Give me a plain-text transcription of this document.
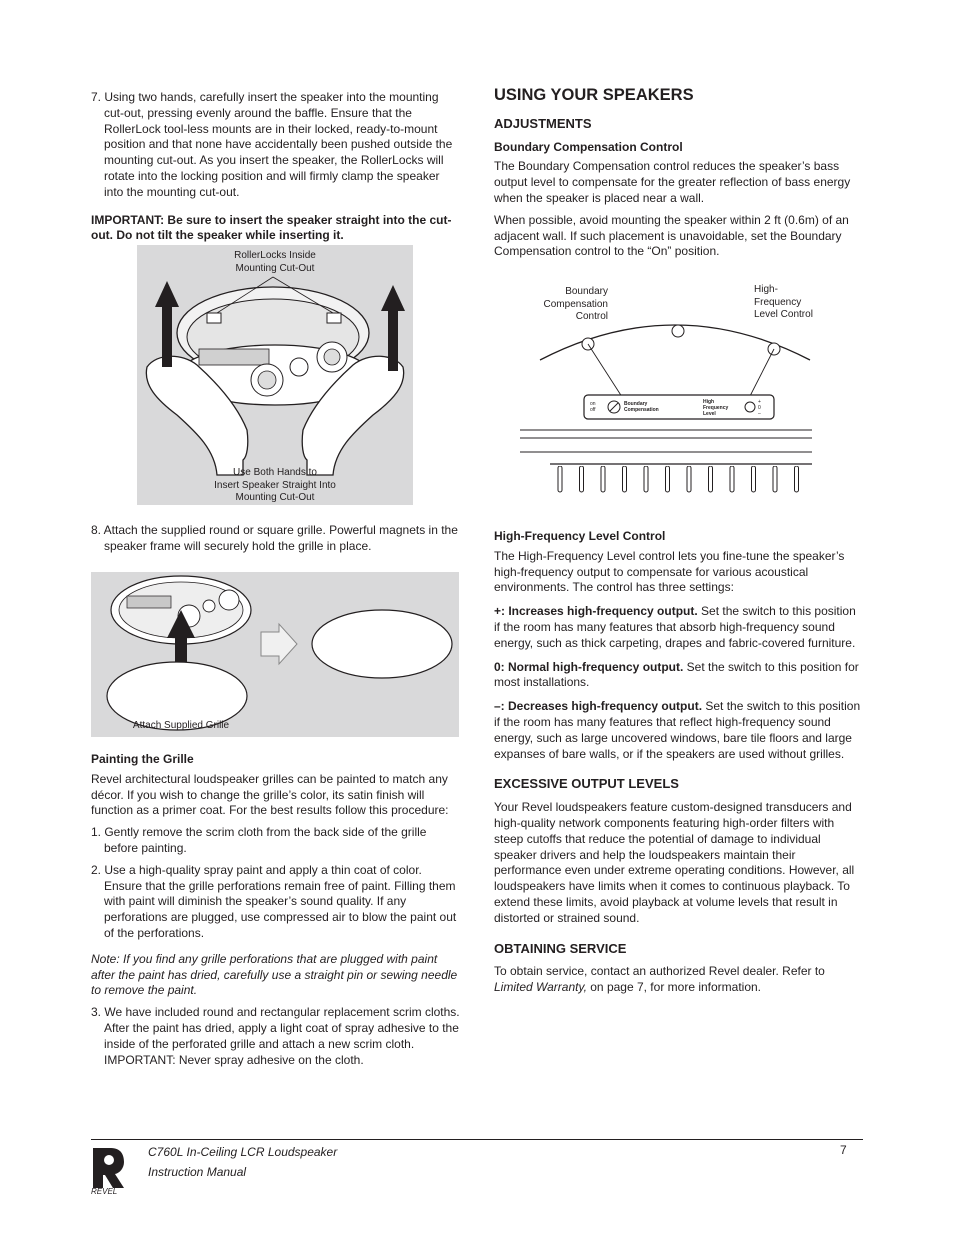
7. Using two hands, carefully insert the speaker into the mounting cut-out, pressing evenly around the baffle. Ensure that the RollerLock tool-less mounts are in their locked, ready-to-mount position and that none have accidentally been pushed outside the mounting cut-out. As you insert the speaker, the RollerLocks will rotate into the locking position and will firmly clamp the speaker into the mounting cut-out.

IMPORTANT: Be sure to insert the speaker straight into the cut-out. Do not tilt the speaker while inserting it.

RollerLocks Inside
Mounting Cut-Out
Use Both Hands to
Insert Speaker Straight Into
Mounting Cut-Out

8. Attach the supplied round or square grille. Powerful magnets in the speaker frame will securely hold the grille in place.

Attach Supplied Grille
Painting the Grille

Revel architectural loudspeaker grilles can be painted to match any décor. If you wish to change the grille’s color, its satin finish will function as a primer coat. For the best results follow this procedure:

1. Gently remove the scrim cloth from the back side of the grille before painting.

2. Use a high-quality spray paint and apply a thin coat of color. Ensure that the grille perforations remain free of paint. Filling them with paint will diminish the speaker’s sound quality. If any perforations are plugged, use compressed air to blow the paint out of the perforations.

Note: If you find any grille perforations that are plugged with paint after the paint has dried, carefully use a straight pin or sewing needle to remove the paint.

3. We have included round and rectangular replacement scrim cloths. After the paint has dried, apply a light coat of spray adhesive to the inside of the perforated grille and attach a new scrim cloth. IMPORTANT: Never spray adhesive on the cloth.

USING YOUR SPEAKERS
ADJUSTMENTS
Boundary Compensation Control

The Boundary Compensation control reduces the speaker’s bass output level to compensate for the greater reflection of bass energy when the speaker is placed near a wall.

When possible, avoid mounting the speaker within 2 ft (0.6m) of an adjacent wall. If such placement is unavoidable, set the Boundary Compensation control to the “On” position.

Boundary
Compensation
Control
High-
Frequency
Level Control
on
off
Boundary
Compensation
High
Frequency
Level
+
0
–
High-Frequency Level Control

The High-Frequency Level control lets you fine-tune the speaker’s high-frequency output to compensate for various acoustical environments. The control has three settings:

+: Increases high-frequency output. Set the switch to this position if the room has many features that absorb high-frequency sound energy, such as thick carpeting, drapes and fabric-covered furniture.

0: Normal high-frequency output. Set the switch to this position for most installations.

–: Decreases high-frequency output. Set the switch to this position if the room has many features that reflect high-frequency sound energy, such as large uncovered windows, bare tile floors and large expanses of bare walls, or if the speakers are used without grilles.

EXCESSIVE OUTPUT LEVELS

Your Revel loudspeakers feature custom-designed transducers and high-quality network components featuring high-order filters with steep cutoffs that reduce the potential of damage to individual speaker drivers and help the loudspeakers maintain their performance even under extreme operating conditions. However, all loudspeakers have limits when it comes to continuous playback. To extend these limits, avoid playback at volume levels that result in distorted or strained sound.

OBTAINING SERVICE

To obtain service, contact an authorized Revel dealer. Refer to Limited Warranty, on page 7, for more information.

REVEL
C760L In-Ceiling LCR Loudspeaker
Instruction Manual
7
